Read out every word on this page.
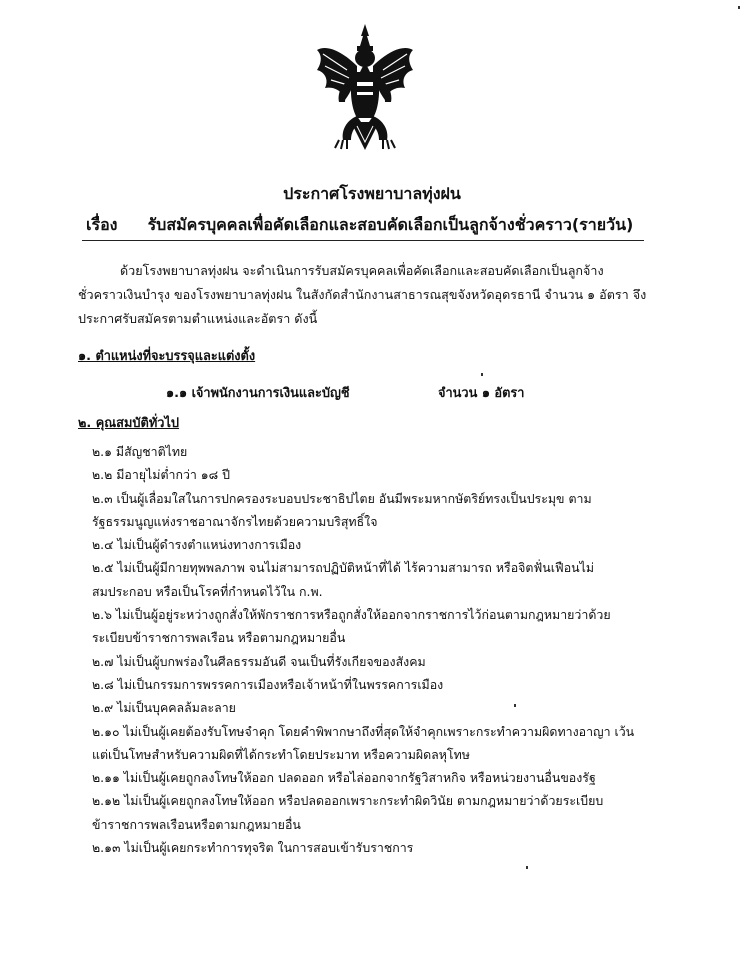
ประกาศโรงพยาบาลทุ่งฝน
เรื่อง รับสมัครบุคคลเพื่อคัดเลือกและสอบคัดเลือกเป็นลูกจ้างชั่วคราว(รายวัน)
ด้วยโรงพยาบาลทุ่งฝน จะดำเนินการรับสมัครบุคคลเพื่อคัดเลือกและสอบคัดเลือกเป็นลูกจ้าง
ชั่วคราวเงินบำรุง ของโรงพยาบาลทุ่งฝน ในสังกัดสำนักงานสาธารณสุขจังหวัดอุดรธานี จำนวน ๑ อัตรา จึง
ประกาศรับสมัครตามตำแหน่งและอัตรา ดังนี้
๑. ตำแหน่งที่จะบรรจุและแต่งตั้ง
๑.๑ เจ้าพนักงานการเงินและบัญชี	จำนวน ๑ อัตรา
๒. คุณสมบัติทั่วไป
๒.๑ มีสัญชาติไทย
๒.๒ มีอายุไม่ต่ำกว่า ๑๘ ปี
๒.๓ เป็นผู้เลื่อมใสในการปกครองระบอบประชาธิปไตย อันมีพระมหากษัตริย์ทรงเป็นประมุข ตาม
รัฐธรรมนูญแห่งราชอาณาจักรไทยด้วยความบริสุทธิ์ใจ
๒.๔ ไม่เป็นผู้ดำรงตำแหน่งทางการเมือง
๒.๕ ไม่เป็นผู้มีกายทุพพลภาพ จนไม่สามารถปฏิบัติหน้าที่ได้ ไร้ความสามารถ หรือจิตฟั่นเฟือนไม่
สมประกอบ หรือเป็นโรคที่กำหนดไว้ใน ก.พ.
๒.๖ ไม่เป็นผู้อยู่ระหว่างถูกสั่งให้พักราชการหรือถูกสั่งให้ออกจากราชการไว้ก่อนตามกฎหมายว่าด้วย
ระเบียบข้าราชการพลเรือน หรือตามกฎหมายอื่น
๒.๗ ไม่เป็นผู้บกพร่องในศีลธรรมอันดี จนเป็นที่รังเกียจของสังคม
๒.๘ ไม่เป็นกรรมการพรรคการเมืองหรือเจ้าหน้าที่ในพรรคการเมือง
๒.๙ ไม่เป็นบุคคลล้มละลาย
๒.๑๐ ไม่เป็นผู้เคยต้องรับโทษจำคุก โดยคำพิพากษาถึงที่สุดให้จำคุกเพราะกระทำความผิดทางอาญา เว้น
แต่เป็นโทษสำหรับความผิดที่ได้กระทำโดยประมาท หรือความผิดลหุโทษ
๒.๑๑ ไม่เป็นผู้เคยถูกลงโทษให้ออก ปลดออก หรือไล่ออกจากรัฐวิสาหกิจ หรือหน่วยงานอื่นของรัฐ
๒.๑๒ ไม่เป็นผู้เคยถูกลงโทษให้ออก หรือปลดออกเพราะกระทำผิดวินัย ตามกฎหมายว่าด้วยระเบียบ
ข้าราชการพลเรือนหรือตามกฎหมายอื่น
๒.๑๓ ไม่เป็นผู้เคยกระทำการทุจริต ในการสอบเข้ารับราชการ
